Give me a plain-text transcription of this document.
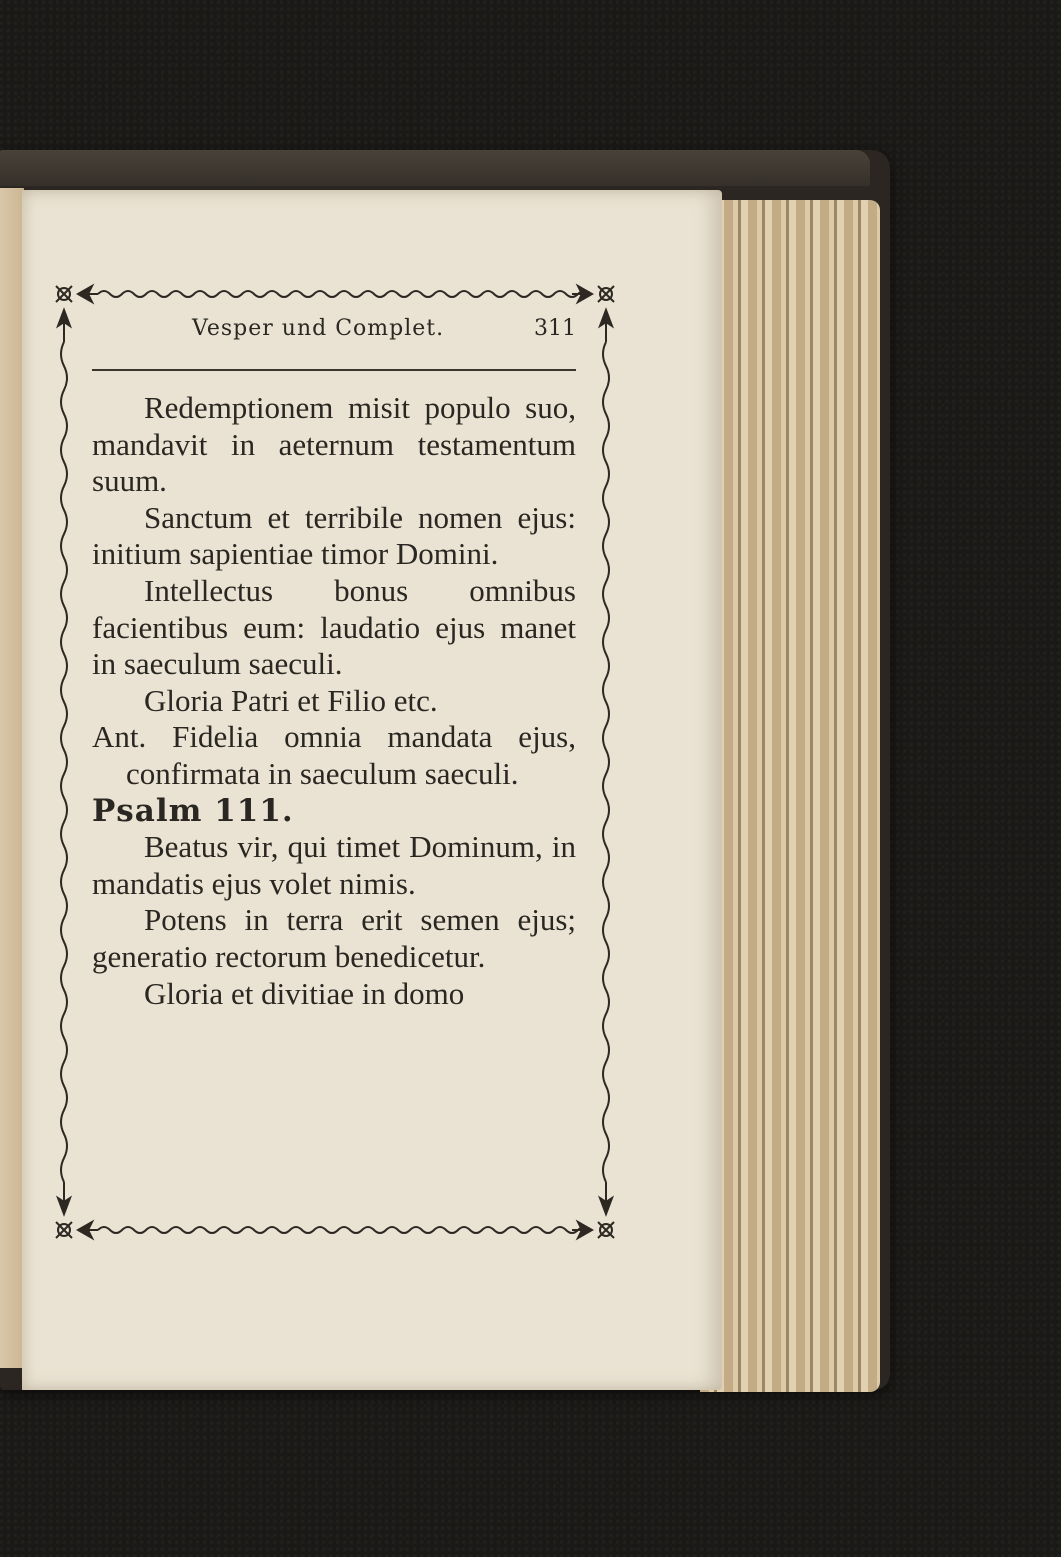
Vesper und Complet.	311

Redemptionem misit populo suo, mandavit in aeternum testamentum suum.

Sanctum et terribile nomen ejus: initium sapientiae timor Domini.

Intellectus bonus omnibus facientibus eum: laudatio ejus manet in saeculum saeculi.

Gloria Patri et Filio etc.

Ant. Fidelia omnia mandata ejus, confirmata in saeculum saeculi.

Psalm 111.

Beatus vir, qui timet Dominum, in mandatis ejus volet nimis.

Potens in terra erit semen ejus; generatio rectorum benedicetur.

Gloria et divitiae in domo
